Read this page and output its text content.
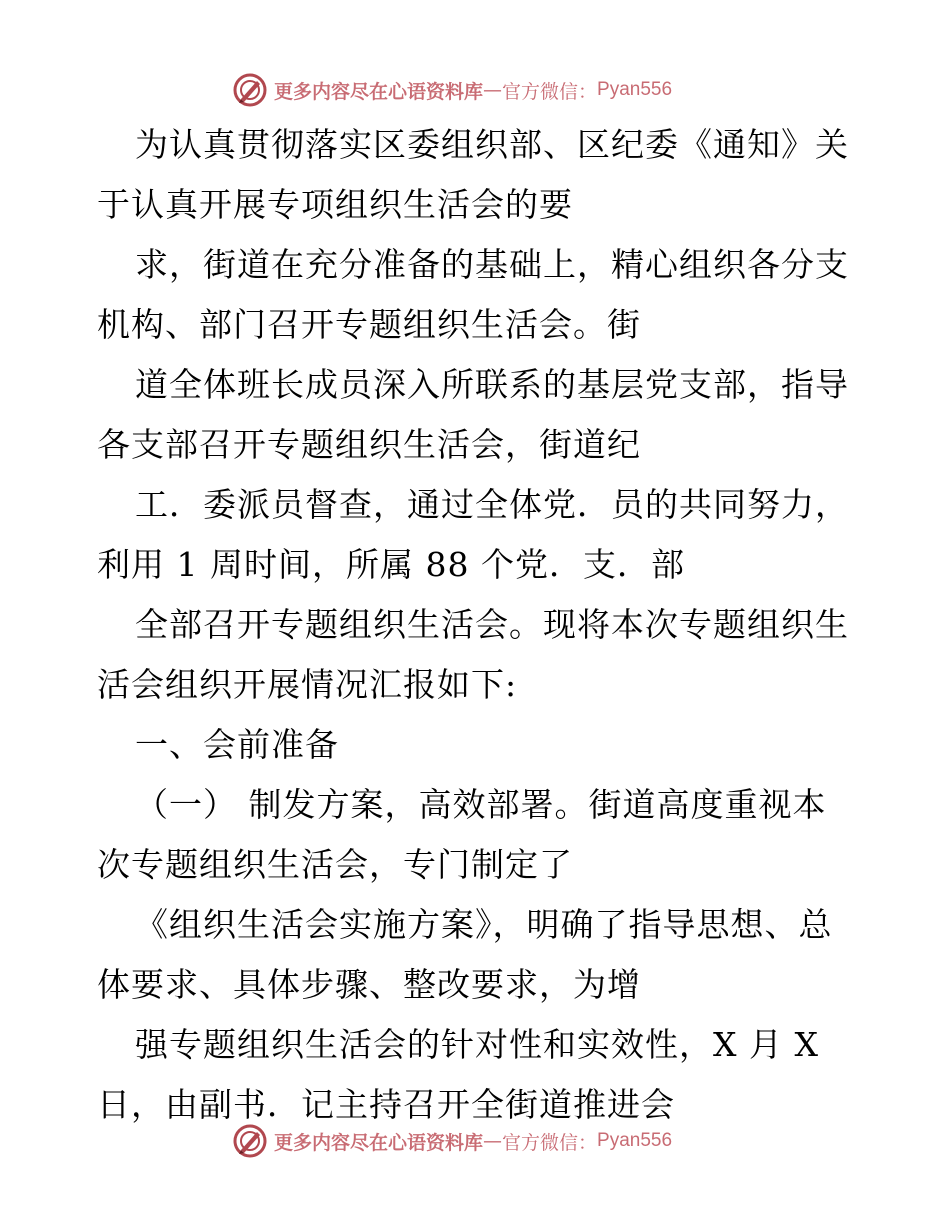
更多内容尽在心语资料库 — 官方微信： Pyan556
为认真贯彻落实区委组织部、区纪委《通知》关
于认真开展专项组织生活会的要
求，街道在充分准备的基础上，精心组织各分支
机构、部门召开专题组织生活会。街
道全体班长成员深入所联系的基层党支部，指导
各支部召开专题组织生活会，街道纪
工．委派员督查，通过全体党．员的共同努力，
利用 1 周时间，所属 88 个党．支．部
全部召开专题组织生活会。现将本次专题组织生
活会组织开展情况汇报如下:
一、会前准备
（一） 制发方案，高效部署。街道高度重视本
次专题组织生活会，专门制定了
《组织生活会实施方案》，明确了指导思想、总
体要求、具体步骤、整改要求，为增
强专题组织生活会的针对性和实效性，X 月 X
日，由副书．记主持召开全街道推进会
更多内容尽在心语资料库 — 官方微信： Pyan556
